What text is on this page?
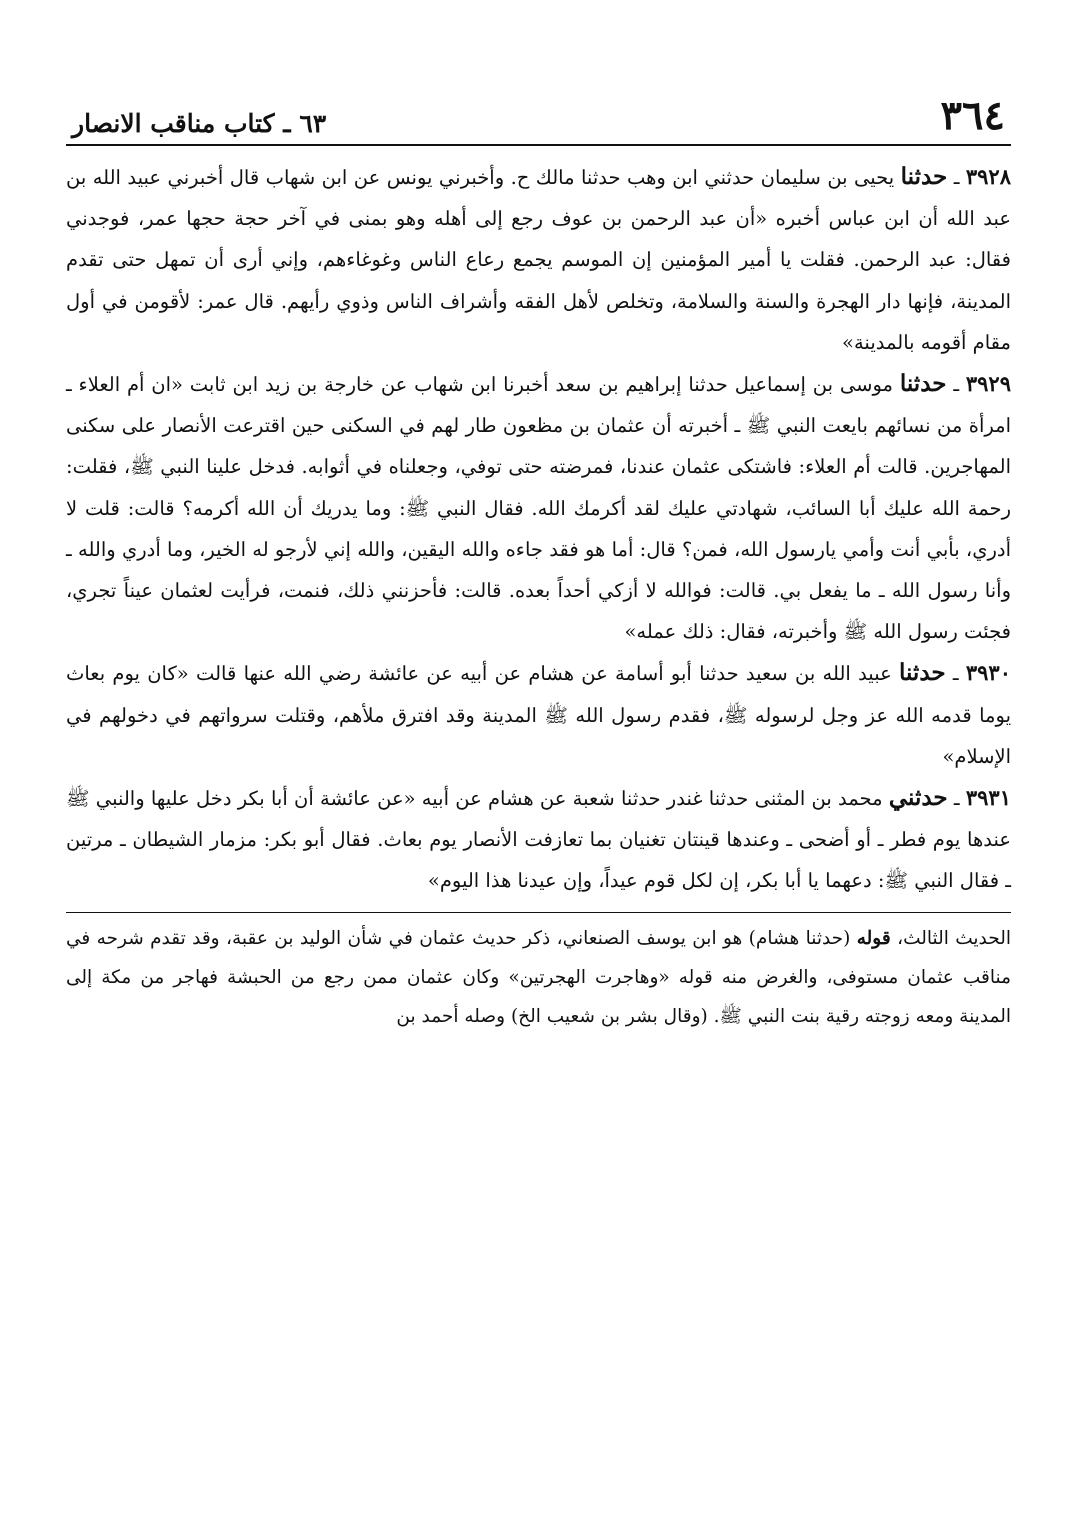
٣٦٤
٦٣ ـ كتاب مناقب الانصار

٣٩٢٨ ـ حدثنا يحيى بن سليمان حدثني ابن وهب حدثنا مالك ح. وأخبرني يونس عن ابن شهاب قال أخبرني عبيد الله بن عبد الله أن ابن عباس أخبره «أن عبد الرحمن بن عوف رجع إلى أهله وهو بمنى في آخر حجة حجها عمر، فوجدني فقال: عبد الرحمن. فقلت يا أمير المؤمنين إن الموسم يجمع رعاع الناس وغوغاءهم، وإني أرى أن تمهل حتى تقدم المدينة، فإنها دار الهجرة والسنة والسلامة، وتخلص لأهل الفقه وأشراف الناس وذوي رأيهم. قال عمر: لأقومن في أول مقام أقومه بالمدينة»

٣٩٢٩ ـ حدثنا موسى بن إسماعيل حدثنا إبراهيم بن سعد أخبرنا ابن شهاب عن خارجة بن زيد ابن ثابت «ان أم العلاء ـ امرأة من نسائهم بايعت النبي ﷺ ـ أخبرته أن عثمان بن مظعون طار لهم في السكنى حين اقترعت الأنصار على سكنى المهاجرين. قالت أم العلاء: فاشتكى عثمان عندنا، فمرضته حتى توفي، وجعلناه في أثوابه. فدخل علينا النبي ﷺ، فقلت: رحمة الله عليك أبا السائب، شهادتي عليك لقد أكرمك الله. فقال النبي ﷺ: وما يدريك أن الله أكرمه؟ قالت: قلت لا أدري، بأبي أنت وأمي يارسول الله، فمن؟ قال: أما هو فقد جاءه والله اليقين، والله إني لأرجو له الخير، وما أدري والله ـ وأنا رسول الله ـ ما يفعل بي. قالت: فوالله لا أزكي أحداً بعده. قالت: فأحزنني ذلك، فنمت، فرأيت لعثمان عيناً تجري، فجئت رسول الله ﷺ وأخبرته، فقال: ذلك عمله»

٣٩٣٠ ـ حدثنا عبيد الله بن سعيد حدثنا أبو أسامة عن هشام عن أبيه عن عائشة رضي الله عنها قالت «كان يوم بعاث يوما قدمه الله عز وجل لرسوله ﷺ، فقدم رسول الله ﷺ المدينة وقد افترق ملأهم، وقتلت سرواتهم في دخولهم في الإسلام»

٣٩٣١ ـ حدثني محمد بن المثنى حدثنا غندر حدثنا شعبة عن هشام عن أبيه «عن عائشة أن أبا بكر دخل عليها والنبي ﷺ عندها يوم فطر ـ أو أضحى ـ وعندها قينتان تغنيان بما تعازفت الأنصار يوم بعاث. فقال أبو بكر: مزمار الشيطان ـ مرتين ـ فقال النبي ﷺ: دعهما يا أبا بكر، إن لكل قوم عيداً، وإن عيدنا هذا اليوم»

الحديث الثالث، قوله (حدثنا هشام) هو ابن يوسف الصنعاني، ذكر حديث عثمان في شأن الوليد بن عقبة، وقد تقدم شرحه في مناقب عثمان مستوفى، والغرض منه قوله «وهاجرت الهجرتين» وكان عثمان ممن رجع من الحبشة فهاجر من مكة إلى المدينة ومعه زوجته رقية بنت النبي ﷺ. (وقال بشر بن شعيب الخ) وصله أحمد بن
